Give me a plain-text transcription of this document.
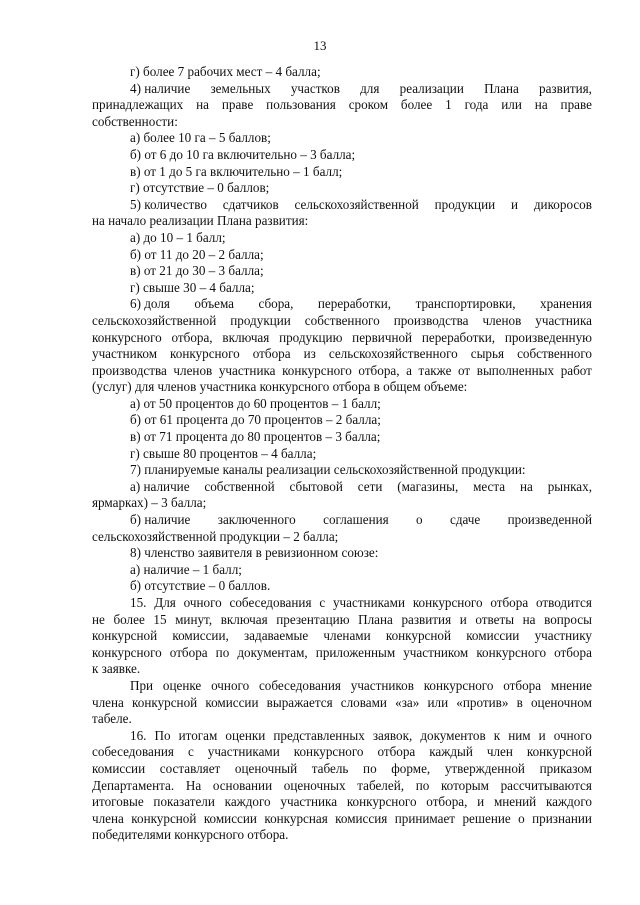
13
г) более 7 рабочих мест – 4 балла;
4) наличие земельных участков для реализации Плана развития,
принадлежащих на праве пользования сроком более 1 года или на праве
собственности:
а) более 10 га – 5 баллов;
б) от 6 до 10 га включительно – 3 балла;
в) от 1 до 5 га включительно – 1 балл;
г) отсутствие – 0 баллов;
5) количество сдатчиков сельскохозяйственной продукции и дикоросов
на начало реализации Плана развития:
а) до 10 – 1 балл;
б) от 11 до 20 – 2 балла;
в) от 21 до 30 – 3 балла;
г) свыше 30 – 4 балла;
6) доля объема сбора, переработки, транспортировки, хранения
сельскохозяйственной продукции собственного производства членов участника
конкурсного отбора, включая продукцию первичной переработки, произведенную
участником конкурсного отбора из сельскохозяйственного сырья собственного
производства членов участника конкурсного отбора, а также от выполненных работ
(услуг) для членов участника конкурсного отбора в общем объеме:
а) от 50 процентов до 60 процентов – 1 балл;
б) от 61 процента до 70 процентов – 2 балла;
в) от 71 процента до 80 процентов – 3 балла;
г) свыше 80 процентов – 4 балла;
7) планируемые каналы реализации сельскохозяйственной продукции:
а) наличие собственной сбытовой сети (магазины, места на рынках,
ярмарках) – 3 балла;
б) наличие заключенного соглашения о сдаче произведенной
сельскохозяйственной продукции – 2 балла;
8) членство заявителя в ревизионном союзе:
а) наличие – 1 балл;
б) отсутствие – 0 баллов.
15. Для очного собеседования с участниками конкурсного отбора отводится
не более 15 минут, включая презентацию Плана развития и ответы на вопросы
конкурсной комиссии, задаваемые членами конкурсной комиссии участнику
конкурсного отбора по документам, приложенным участником конкурсного отбора
к заявке.
При оценке очного собеседования участников конкурсного отбора мнение
члена конкурсной комиссии выражается словами «за» или «против» в оценочном
табеле.
16. По итогам оценки представленных заявок, документов к ним и очного
собеседования с участниками конкурсного отбора каждый член конкурсной
комиссии составляет оценочный табель по форме, утвержденной приказом
Департамента. На основании оценочных табелей, по которым рассчитываются
итоговые показатели каждого участника конкурсного отбора, и мнений каждого
члена конкурсной комиссии конкурсная комиссия принимает решение о признании
победителями конкурсного отбора.
